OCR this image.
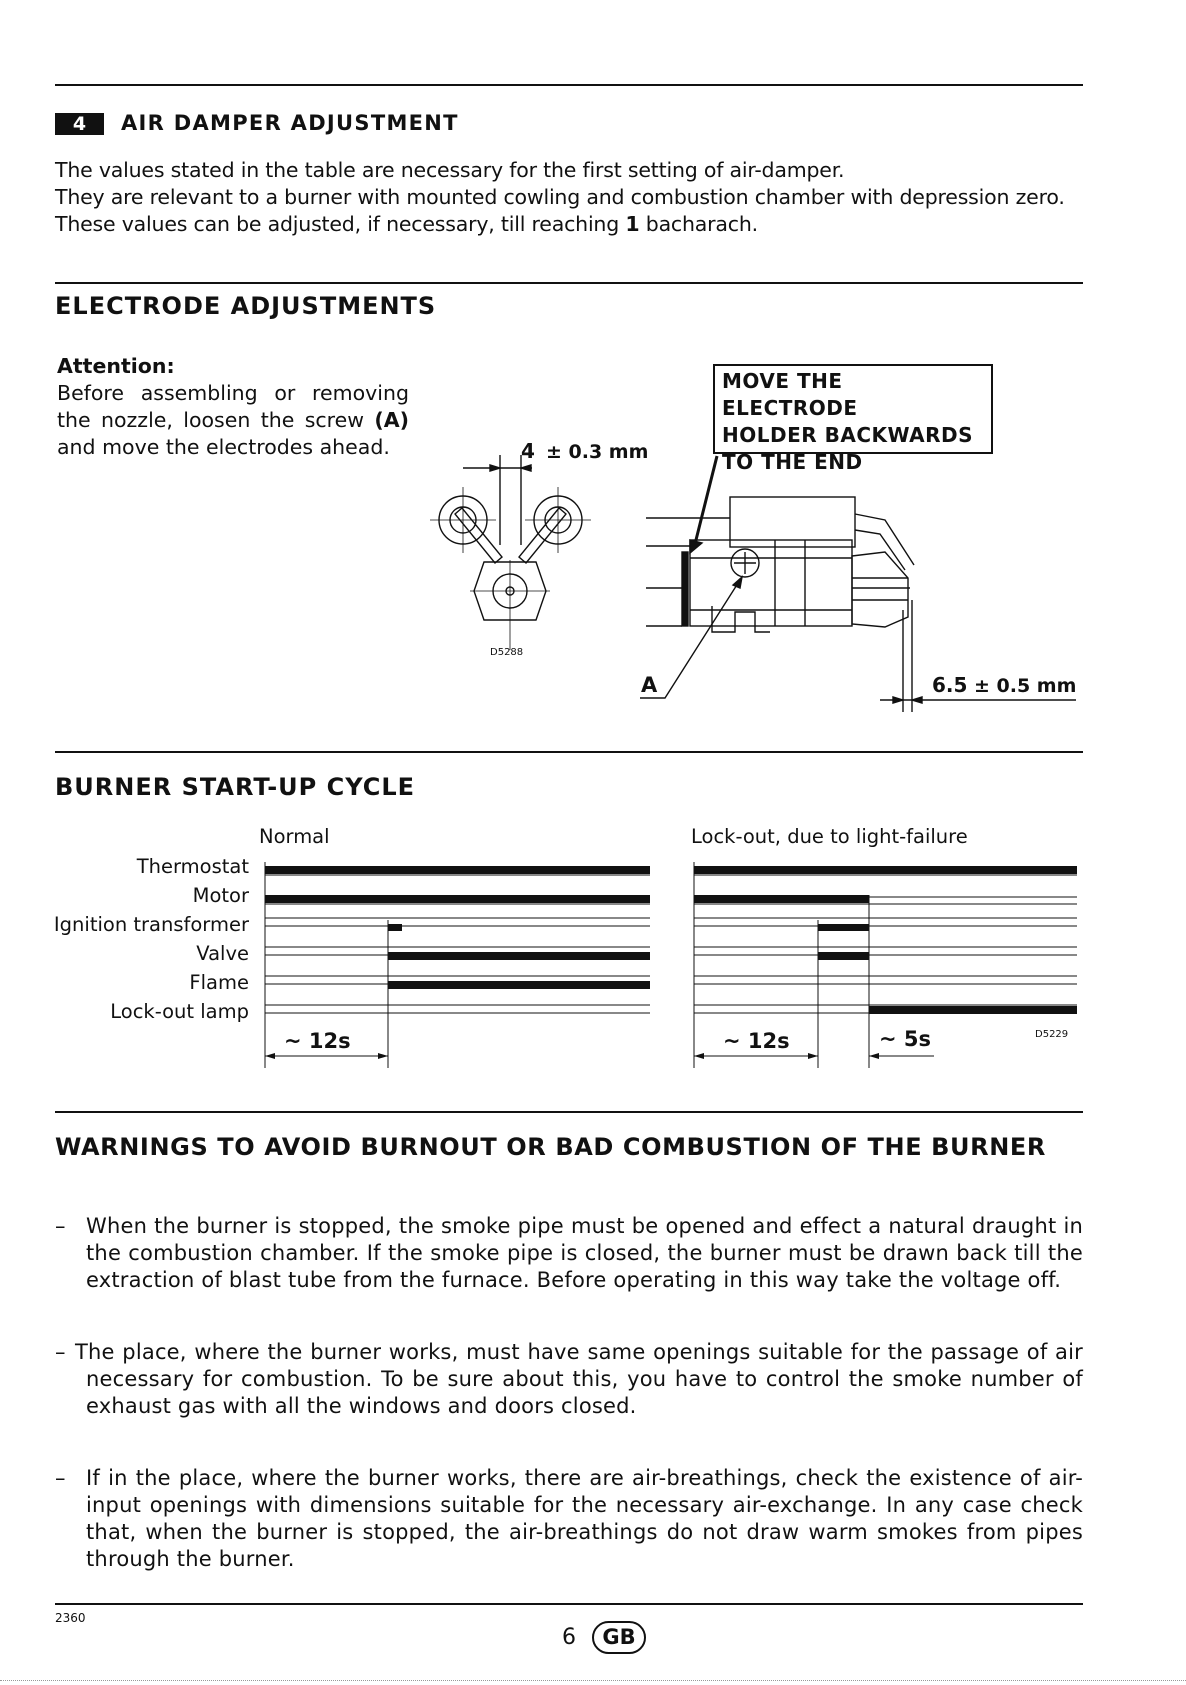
4	AIR DAMPER ADJUSTMENT
The values stated in the table are necessary for the first setting of air-damper.
They are relevant to a burner with mounted cowling and combustion chamber with depression zero.
These values can be adjusted, if necessary, till reaching 1 bacharach.
ELECTRODE ADJUSTMENTS
Attention:
Before assembling or removing
the nozzle, loosen the screw (A)
and move the electrodes ahead.
MOVE THE ELECTRODE
HOLDER BACKWARDS
TO THE END
4 ± 0.3 mm
D5288
A	6.5 ± 0.5 mm
BURNER START-UP CYCLE
Normal	Lock-out, due to light-failure
Thermostat
Motor
Ignition transformer
Valve
Flame
Lock-out lamp
~ 12s	~ 12s	~ 5s	D5229
WARNINGS TO AVOID BURNOUT OR BAD COMBUSTION OF THE BURNER
– When the burner is stopped, the smoke pipe must be opened and effect a natural draught in the combustion chamber. If the smoke pipe is closed, the burner must be drawn back till the extraction of blast tube from the furnace. Before operating in this way take the voltage off.
– The place, where the burner works, must have same openings suitable for the passage of air necessary for combustion. To be sure about this, you have to control the smoke number of exhaust gas with all the windows and doors closed.
– If in the place, where the burner works, there are air-breathings, check the existence of air-input openings with dimensions suitable for the necessary air-exchange. In any case check that, when the burner is stopped, the air-breathings do not draw warm smokes from pipes through the burner.
2360
6	GB
